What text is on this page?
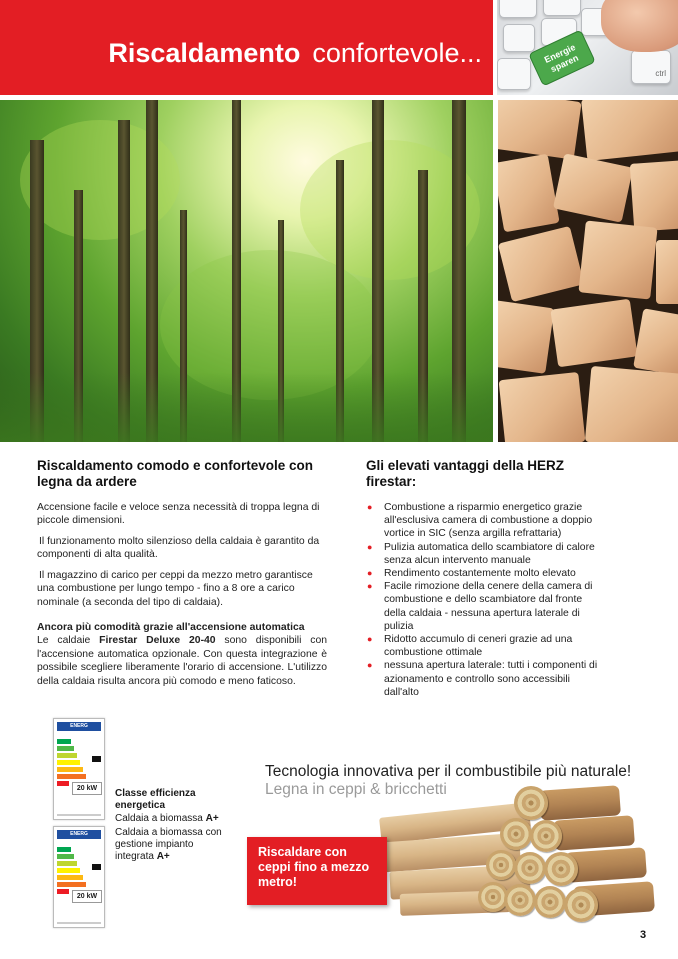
Riscaldamento confortevole...
ctrl
Energie sparen
Riscaldamento comodo e confortevole con legna da ardere
Accensione facile e veloce senza necessità di troppa legna di piccole dimensioni.
Il funzionamento molto silenzioso della caldaia è garantito da componenti di alta qualità.
Il magazzino di carico per ceppi da mezzo metro garantisce una combustione per lungo tempo - fino a 8 ore a carico nominale (a seconda del tipo di caldaia).
Ancora più comodità grazie all'accensione automatica
Le caldaie Firestar Deluxe 20-40 sono disponibili con l'accensione automatica opzionale. Con questa integrazione è possibile scegliere liberamente l'orario di accensione. L'utilizzo della caldaia risulta ancora più comodo e meno faticoso.
Gli elevati vantaggi della HERZ firestar:
● Combustione a risparmio energetico grazie all'esclusiva camera di combustione a doppio vortice in SIC (senza argilla refrattaria)
● Pulizia automatica dello scambiatore di calore senza alcun intervento manuale
● Rendimento costantemente molto elevato
● Facile rimozione della cenere della camera di combustione e dello scambiatore dal fronte della caldaia - nessuna apertura laterale di pulizia
● Ridotto accumulo di ceneri grazie ad una combustione ottimale
● nessuna apertura laterale: tutti i componenti di azionamento e controllo sono accessibili dall'alto
ENERG
20 kW
ENERG
20 kW
Classe efficienza energetica
Caldaia a biomassa A+
Caldaia a biomassa con gestione impianto integrata A+
Tecnologia innovativa per il combustibile più naturale!
Legna in ceppi & bricchetti
Riscaldare con ceppi fino a mezzo metro!
3
